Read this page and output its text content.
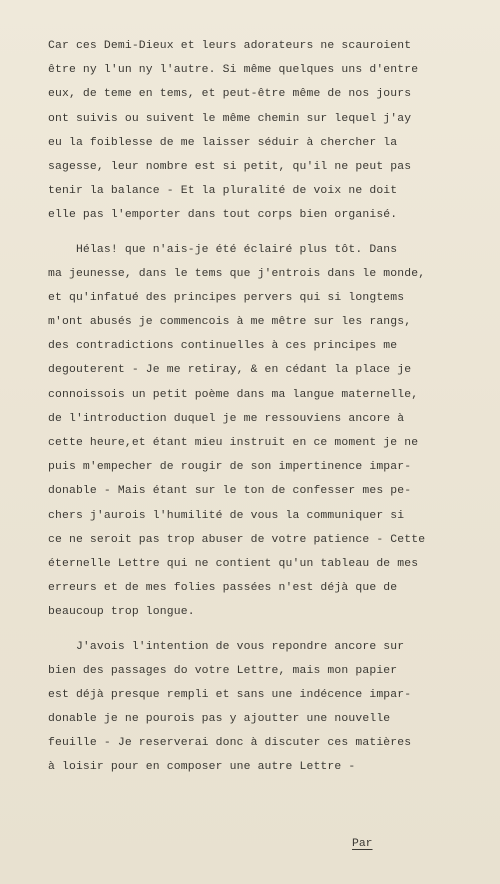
Car ces Demi-Dieux et leurs adorateurs ne scauroient
être ny l'un ny l'autre. Si même quelques uns d'entre
eux, de teme en tems, et peut-être même de nos jours
ont suivis ou suivent le même chemin sur lequel j'ay
eu la foiblesse de me laisser séduir à chercher la
sagesse, leur nombre est si petit, qu'il ne peut pas
tenir la balance - Et la pluralité de voix ne doit
elle pas l'emporter dans tout corps bien organisé.
Hélas! que n'ais-je été éclairé plus tôt. Dans
ma jeunesse, dans le tems que j'entrois dans le monde,
et qu'infatué des principes pervers qui si longtems
m'ont abusés je commencois à me mêtre sur les rangs,
des contradictions continuelles à ces principes me
degouterent - Je me retiray, & en cédant la place je
connoissois un petit poème dans ma langue maternelle,
de l'introduction duquel je me ressouviens ancore à
cette heure,et étant mieu instruit en ce moment je ne
puis m'empecher de rougir de son impertinence impar-
donable - Mais étant sur le ton de confesser mes pe-
chers j'aurois l'humilité de vous la communiquer si
ce ne seroit pas trop abuser de votre patience - Cette
éternelle Lettre qui ne contient qu'un tableau de mes
erreurs et de mes folies passées n'est déjà que de
beaucoup trop longue.
J'avois l'intention de vous repondre ancore sur
bien des passages do votre Lettre, mais mon papier
est déjà presque rempli et sans une indécence impar-
donable je ne pourois pas y ajoutter une nouvelle
feuille - Je reserverai donc à discuter ces matières
à loisir pour en composer une autre Lettre -
Par
